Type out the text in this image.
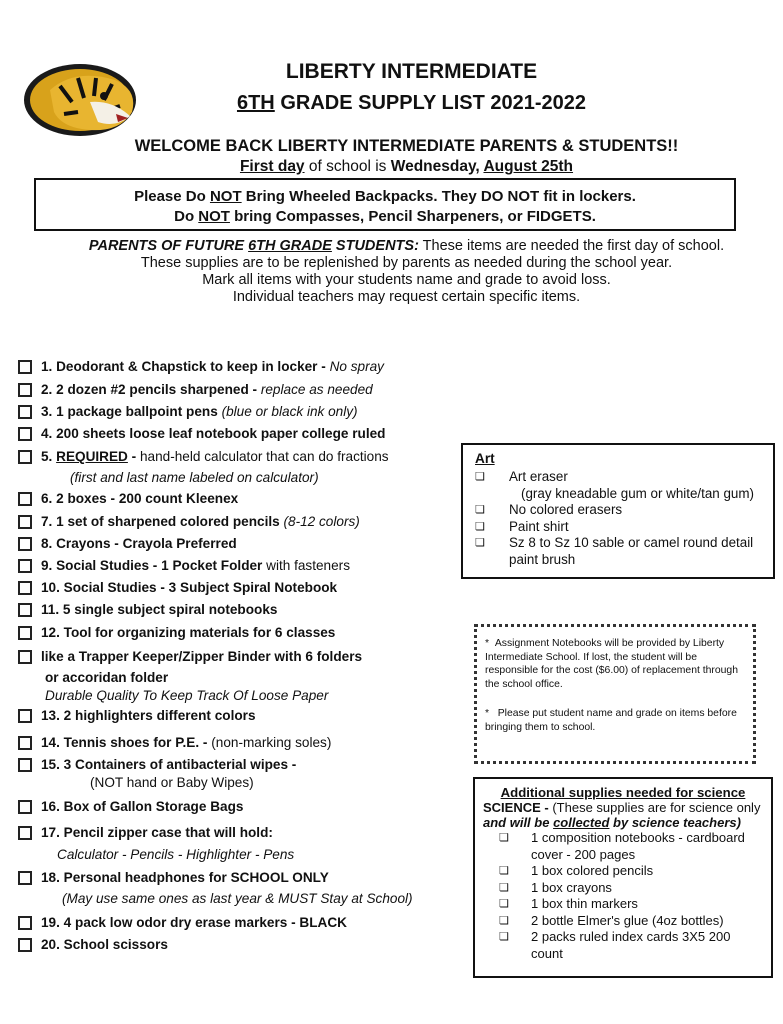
LIBERTY INTERMEDIATE
6TH GRADE SUPPLY LIST 2021-2022
WELCOME BACK LIBERTY INTERMEDIATE PARENTS & STUDENTS!!
First day of school is Wednesday, August 25th
Please Do NOT Bring Wheeled Backpacks. They DO NOT fit in lockers.
Do NOT bring Compasses, Pencil Sharpeners, or FIDGETS.
PARENTS OF FUTURE 6TH GRADE STUDENTS: These items are needed the first day of school.
These supplies are to be replenished by parents as needed during the school year.
Mark all items with your students name and grade to avoid loss.
Individual teachers may request certain specific items.
1. Deodorant & Chapstick to keep in locker - No spray
2. 2 dozen #2 pencils sharpened - replace as needed
3. 1 package ballpoint pens (blue or black ink only)
4. 200 sheets loose leaf notebook paper college ruled
5. REQUIRED - hand-held calculator that can do fractions
(first and last name labeled on calculator)
6. 2 boxes - 200 count Kleenex
7. 1 set of sharpened colored pencils (8-12 colors)
8. Crayons - Crayola Preferred
9. Social Studies - 1 Pocket Folder with fasteners
10. Social Studies - 3 Subject Spiral Notebook
11. 5 single subject spiral notebooks
12. Tool for organizing materials for 6 classes
like a Trapper Keeper/Zipper Binder with 6 folders
or accoridan folder
Durable Quality To Keep Track Of Loose Paper
13. 2 highlighters different colors
14. Tennis shoes for P.E. - (non-marking soles)
15. 3 Containers of antibacterial wipes -
(NOT hand or Baby Wipes)
16. Box of Gallon Storage Bags
17. Pencil zipper case that will hold:
Calculator - Pencils - Highlighter - Pens
18. Personal headphones for SCHOOL ONLY
(May use same ones as last year & MUST Stay at School)
19. 4 pack low odor dry erase markers - BLACK
20. School scissors
Art
❏	Art eraser
(gray kneadable gum or white/tan gum)
❏	No colored erasers
❏	Paint shirt
❏	Sz 8 to Sz 10 sable or camel round detail paint brush
*  Assignment Notebooks will be provided by Liberty Intermediate School. If lost, the student will be responsible for the cost ($6.00) of replacement through the school office.
*   Please put student name and grade on items before bringing them to school.
Additional supplies needed for science
SCIENCE - (These supplies are for science only
and will be collected by science teachers)
❏	1 composition notebooks - cardboard cover - 200 pages
❏	1 box colored pencils
❏	1 box crayons
❏	1 box thin markers
❏	2 bottle Elmer's glue (4oz bottles)
❏	2 packs ruled index cards 3X5 200 count
